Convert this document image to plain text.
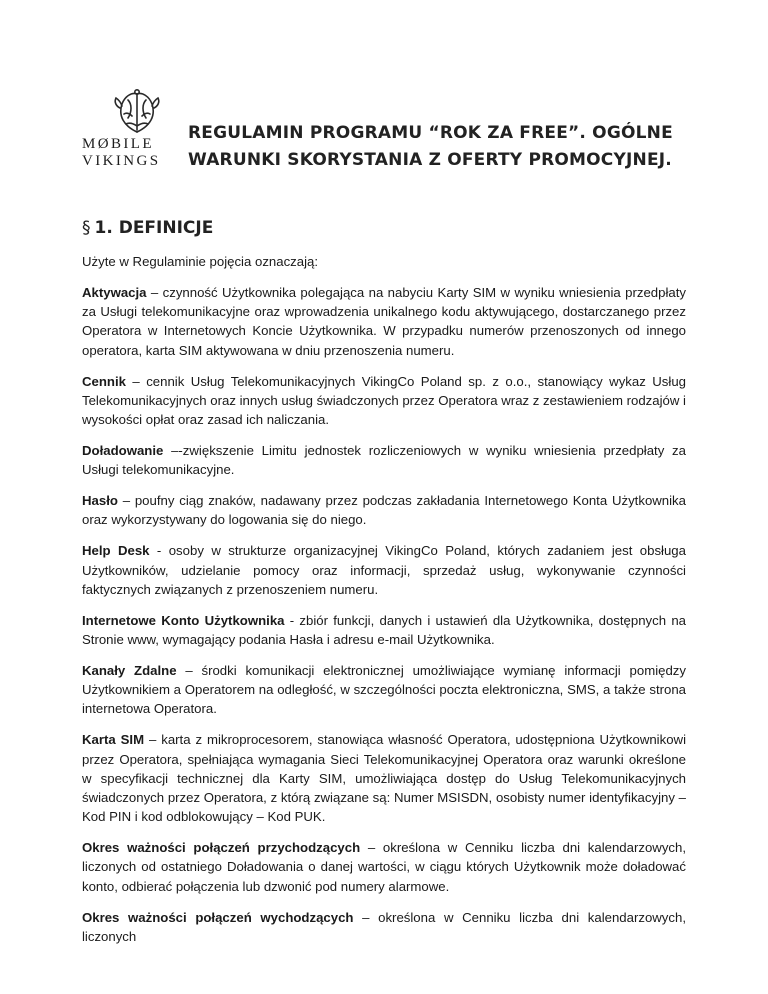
MØBILE
VIKINGS
REGULAMIN PROGRAMU “ROK ZA FREE”. OGÓLNE WARUNKI SKORYSTANIA Z OFERTY PROMOCYJNEJ.
§ 1. DEFINICJE

Użyte w Regulaminie pojęcia oznaczają:

Aktywacja – czynność Użytkownika polegająca na nabyciu Karty SIM w wyniku wniesienia przedpłaty za Usługi telekomunikacyjne oraz wprowadzenia unikalnego kodu aktywującego, dostarczanego przez Operatora w Internetowych Koncie Użytkownika. W przypadku numerów przenoszonych od innego operatora, karta SIM aktywowana w dniu przenoszenia numeru.

Cennik – cennik Usług Telekomunikacyjnych VikingCo Poland sp. z o.o., stanowiący wykaz Usług Telekomunikacyjnych oraz innych usług świadczonych przez Operatora wraz z zestawieniem rodzajów i wysokości opłat oraz zasad ich naliczania.

Doładowanie –-zwiększenie Limitu jednostek rozliczeniowych w wyniku wniesienia przedpłaty za Usługi telekomunikacyjne.

Hasło – poufny ciąg znaków, nadawany przez podczas zakładania Internetowego Konta Użytkownika oraz wykorzystywany do logowania się do niego.

Help Desk - osoby w strukturze organizacyjnej VikingCo Poland, których zadaniem jest obsługa Użytkowników, udzielanie pomocy oraz informacji, sprzedaż usług, wykonywanie czynności faktycznych związanych z przenoszeniem numeru.

Internetowe Konto Użytkownika - zbiór funkcji, danych i ustawień dla Użytkownika, dostępnych na Stronie www, wymagający podania Hasła i adresu e-mail Użytkownika.

Kanały Zdalne – środki komunikacji elektronicznej umożliwiające wymianę informacji pomiędzy Użytkownikiem a Operatorem na odległość, w szczególności poczta elektroniczna, SMS, a także strona internetowa Operatora.

Karta SIM – karta z mikroprocesorem, stanowiąca własność Operatora, udostępniona Użytkownikowi przez Operatora, spełniająca wymagania Sieci Telekomunikacyjnej Operatora oraz warunki określone w specyfikacji technicznej dla Karty SIM, umożliwiająca dostęp do Usług Telekomunikacyjnych świadczonych przez Operatora, z którą związane są: Numer MSISDN, osobisty numer identyfikacyjny – Kod PIN i kod odblokowujący – Kod PUK.

Okres ważności połączeń przychodzących – określona w Cenniku liczba dni kalendarzowych, liczonych od ostatniego Doładowania o danej wartości, w ciągu których Użytkownik może doładować konto, odbierać połączenia lub dzwonić pod numery alarmowe.

Okres ważności połączeń wychodzących – określona w Cenniku liczba dni kalendarzowych, liczonych
